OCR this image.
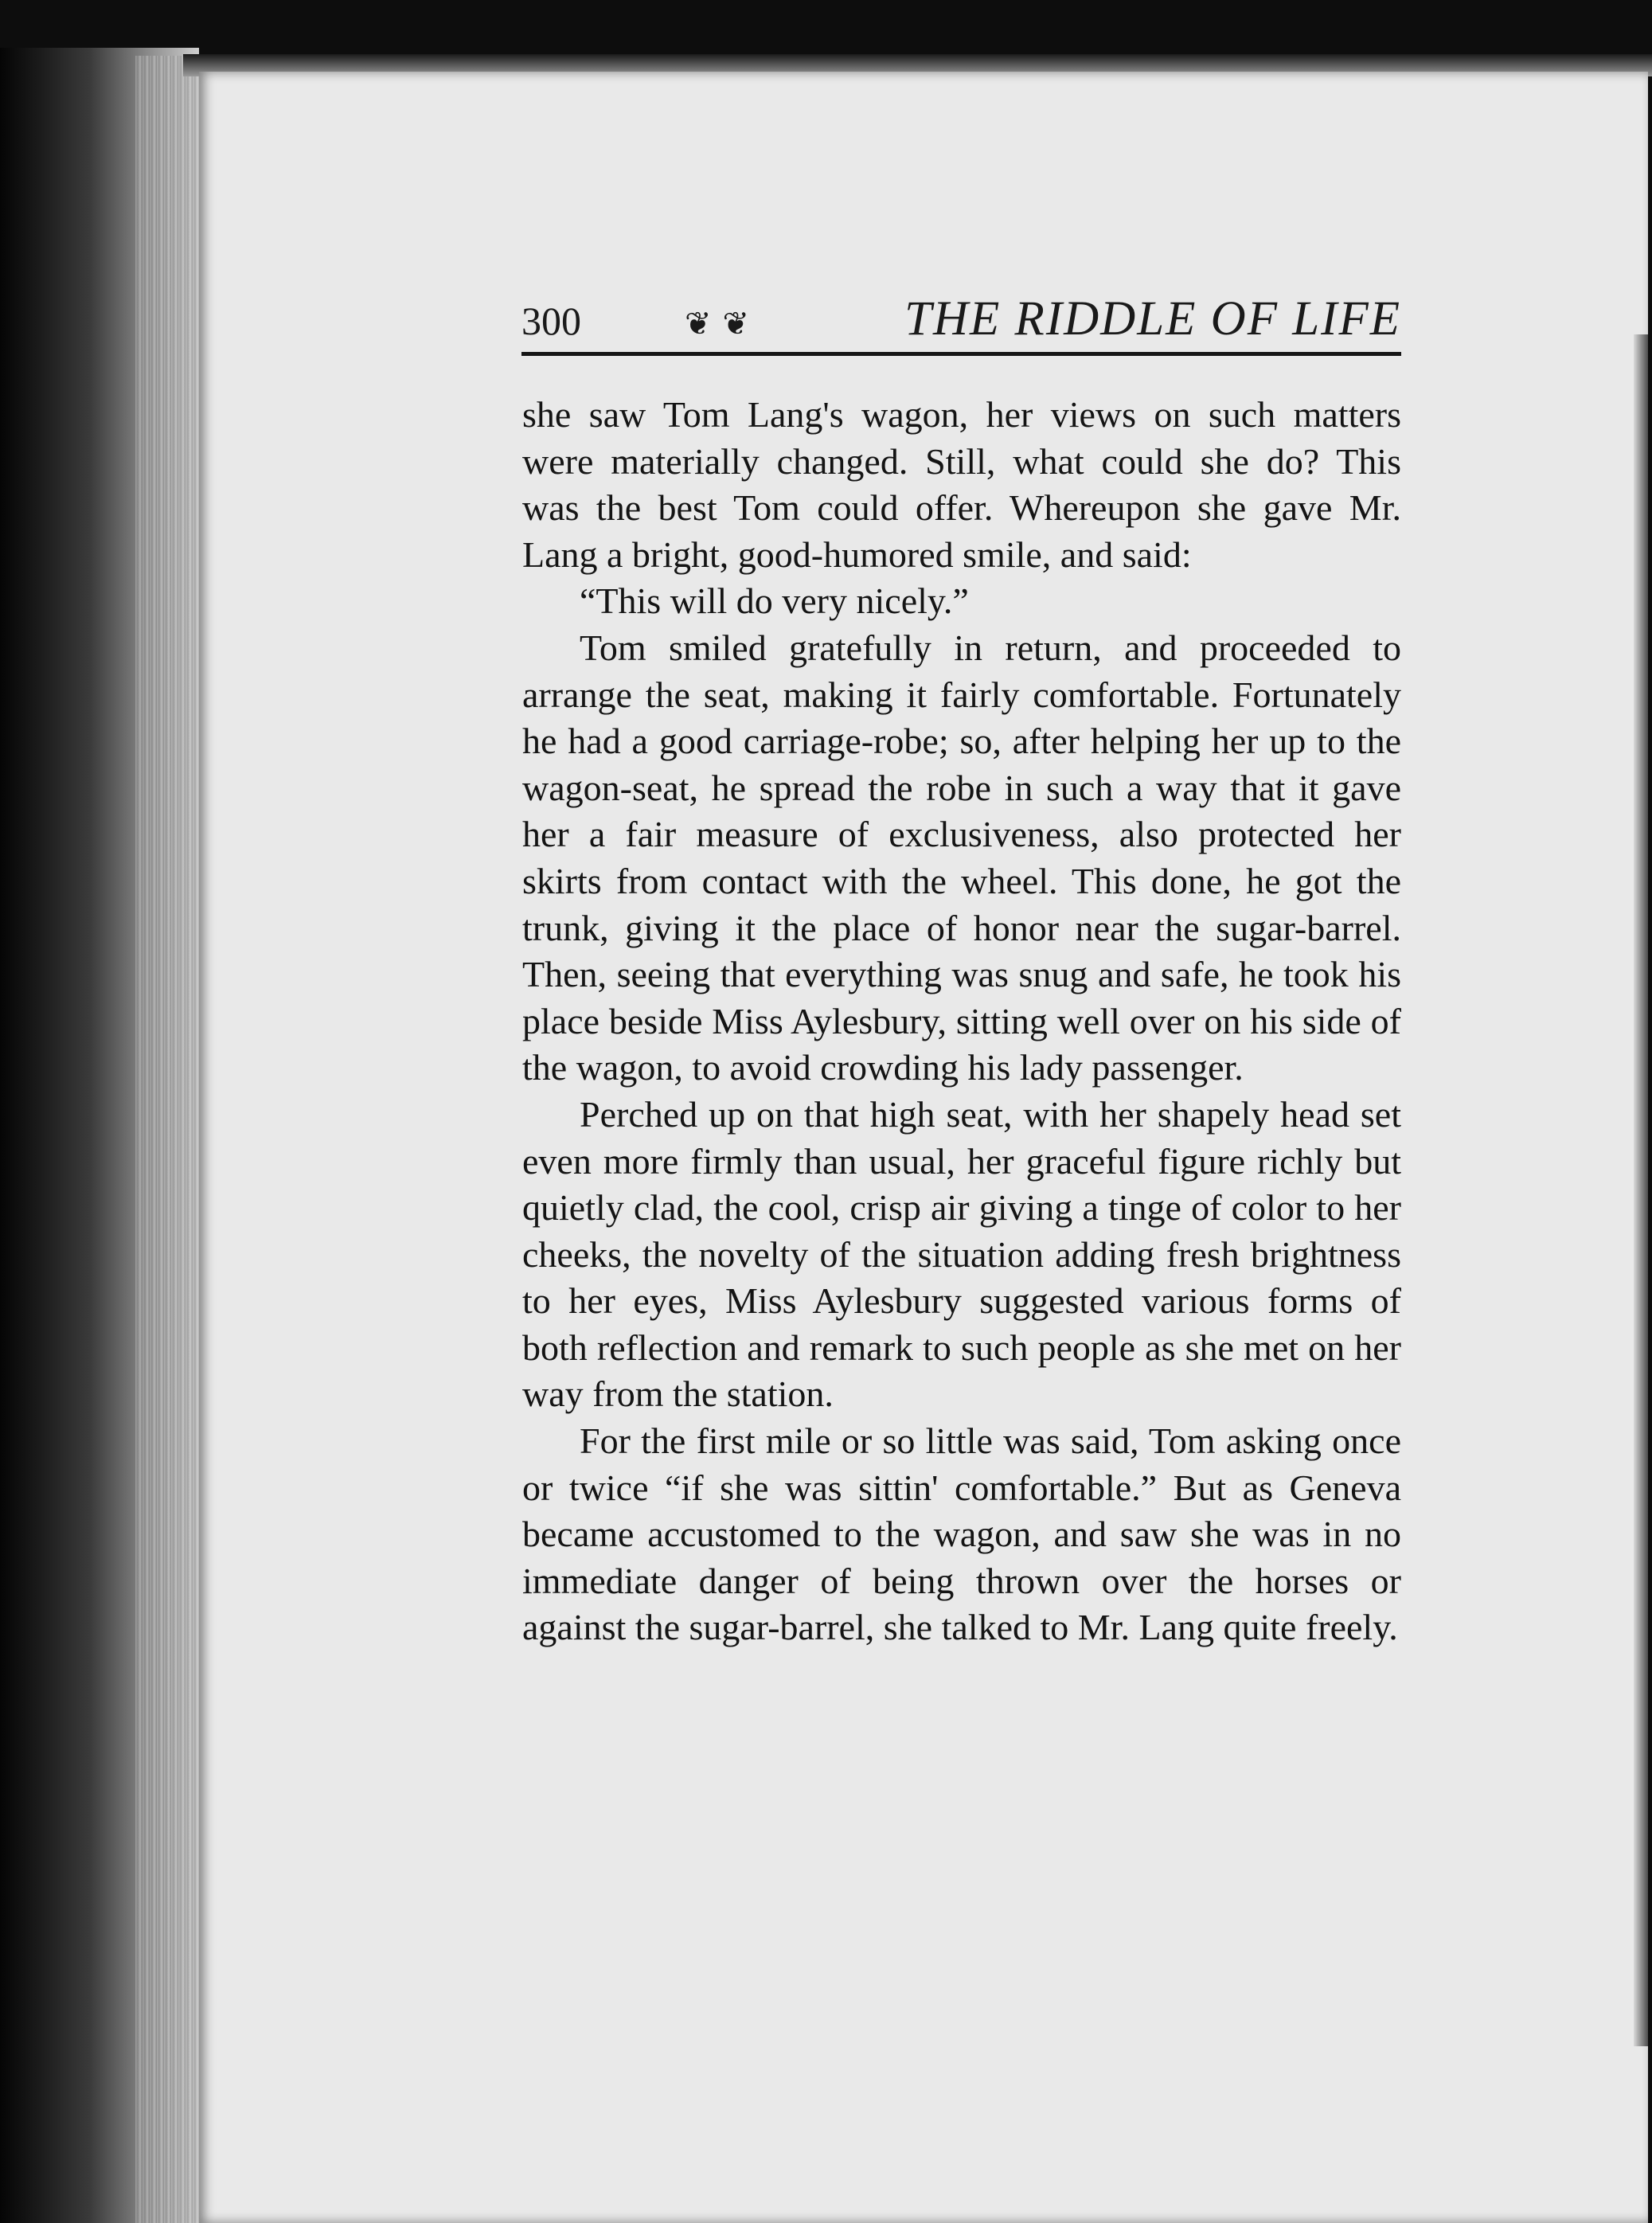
300	❦❦	THE RIDDLE OF LIFE

she saw Tom Lang's wagon, her views on such matters were materially changed. Still, what could she do? This was the best Tom could offer. Whereupon she gave Mr. Lang a bright, good-humored smile, and said:

“This will do very nicely.”

Tom smiled gratefully in return, and proceeded to arrange the seat, making it fairly comfortable. Fortunately he had a good carriage-robe; so, after helping her up to the wagon-seat, he spread the robe in such a way that it gave her a fair measure of exclusiveness, also protected her skirts from contact with the wheel. This done, he got the trunk, giving it the place of honor near the sugar-barrel. Then, seeing that everything was snug and safe, he took his place beside Miss Aylesbury, sitting well over on his side of the wagon, to avoid crowding his lady passenger.

Perched up on that high seat, with her shapely head set even more firmly than usual, her graceful figure richly but quietly clad, the cool, crisp air giving a tinge of color to her cheeks, the novelty of the situation adding fresh brightness to her eyes, Miss Aylesbury suggested various forms of both reflection and remark to such people as she met on her way from the station.

For the first mile or so little was said, Tom asking once or twice “if she was sittin' comfortable.” But as Geneva became accustomed to the wagon, and saw she was in no immediate danger of being thrown over the horses or against the sugar-barrel, she talked to Mr. Lang quite freely.
